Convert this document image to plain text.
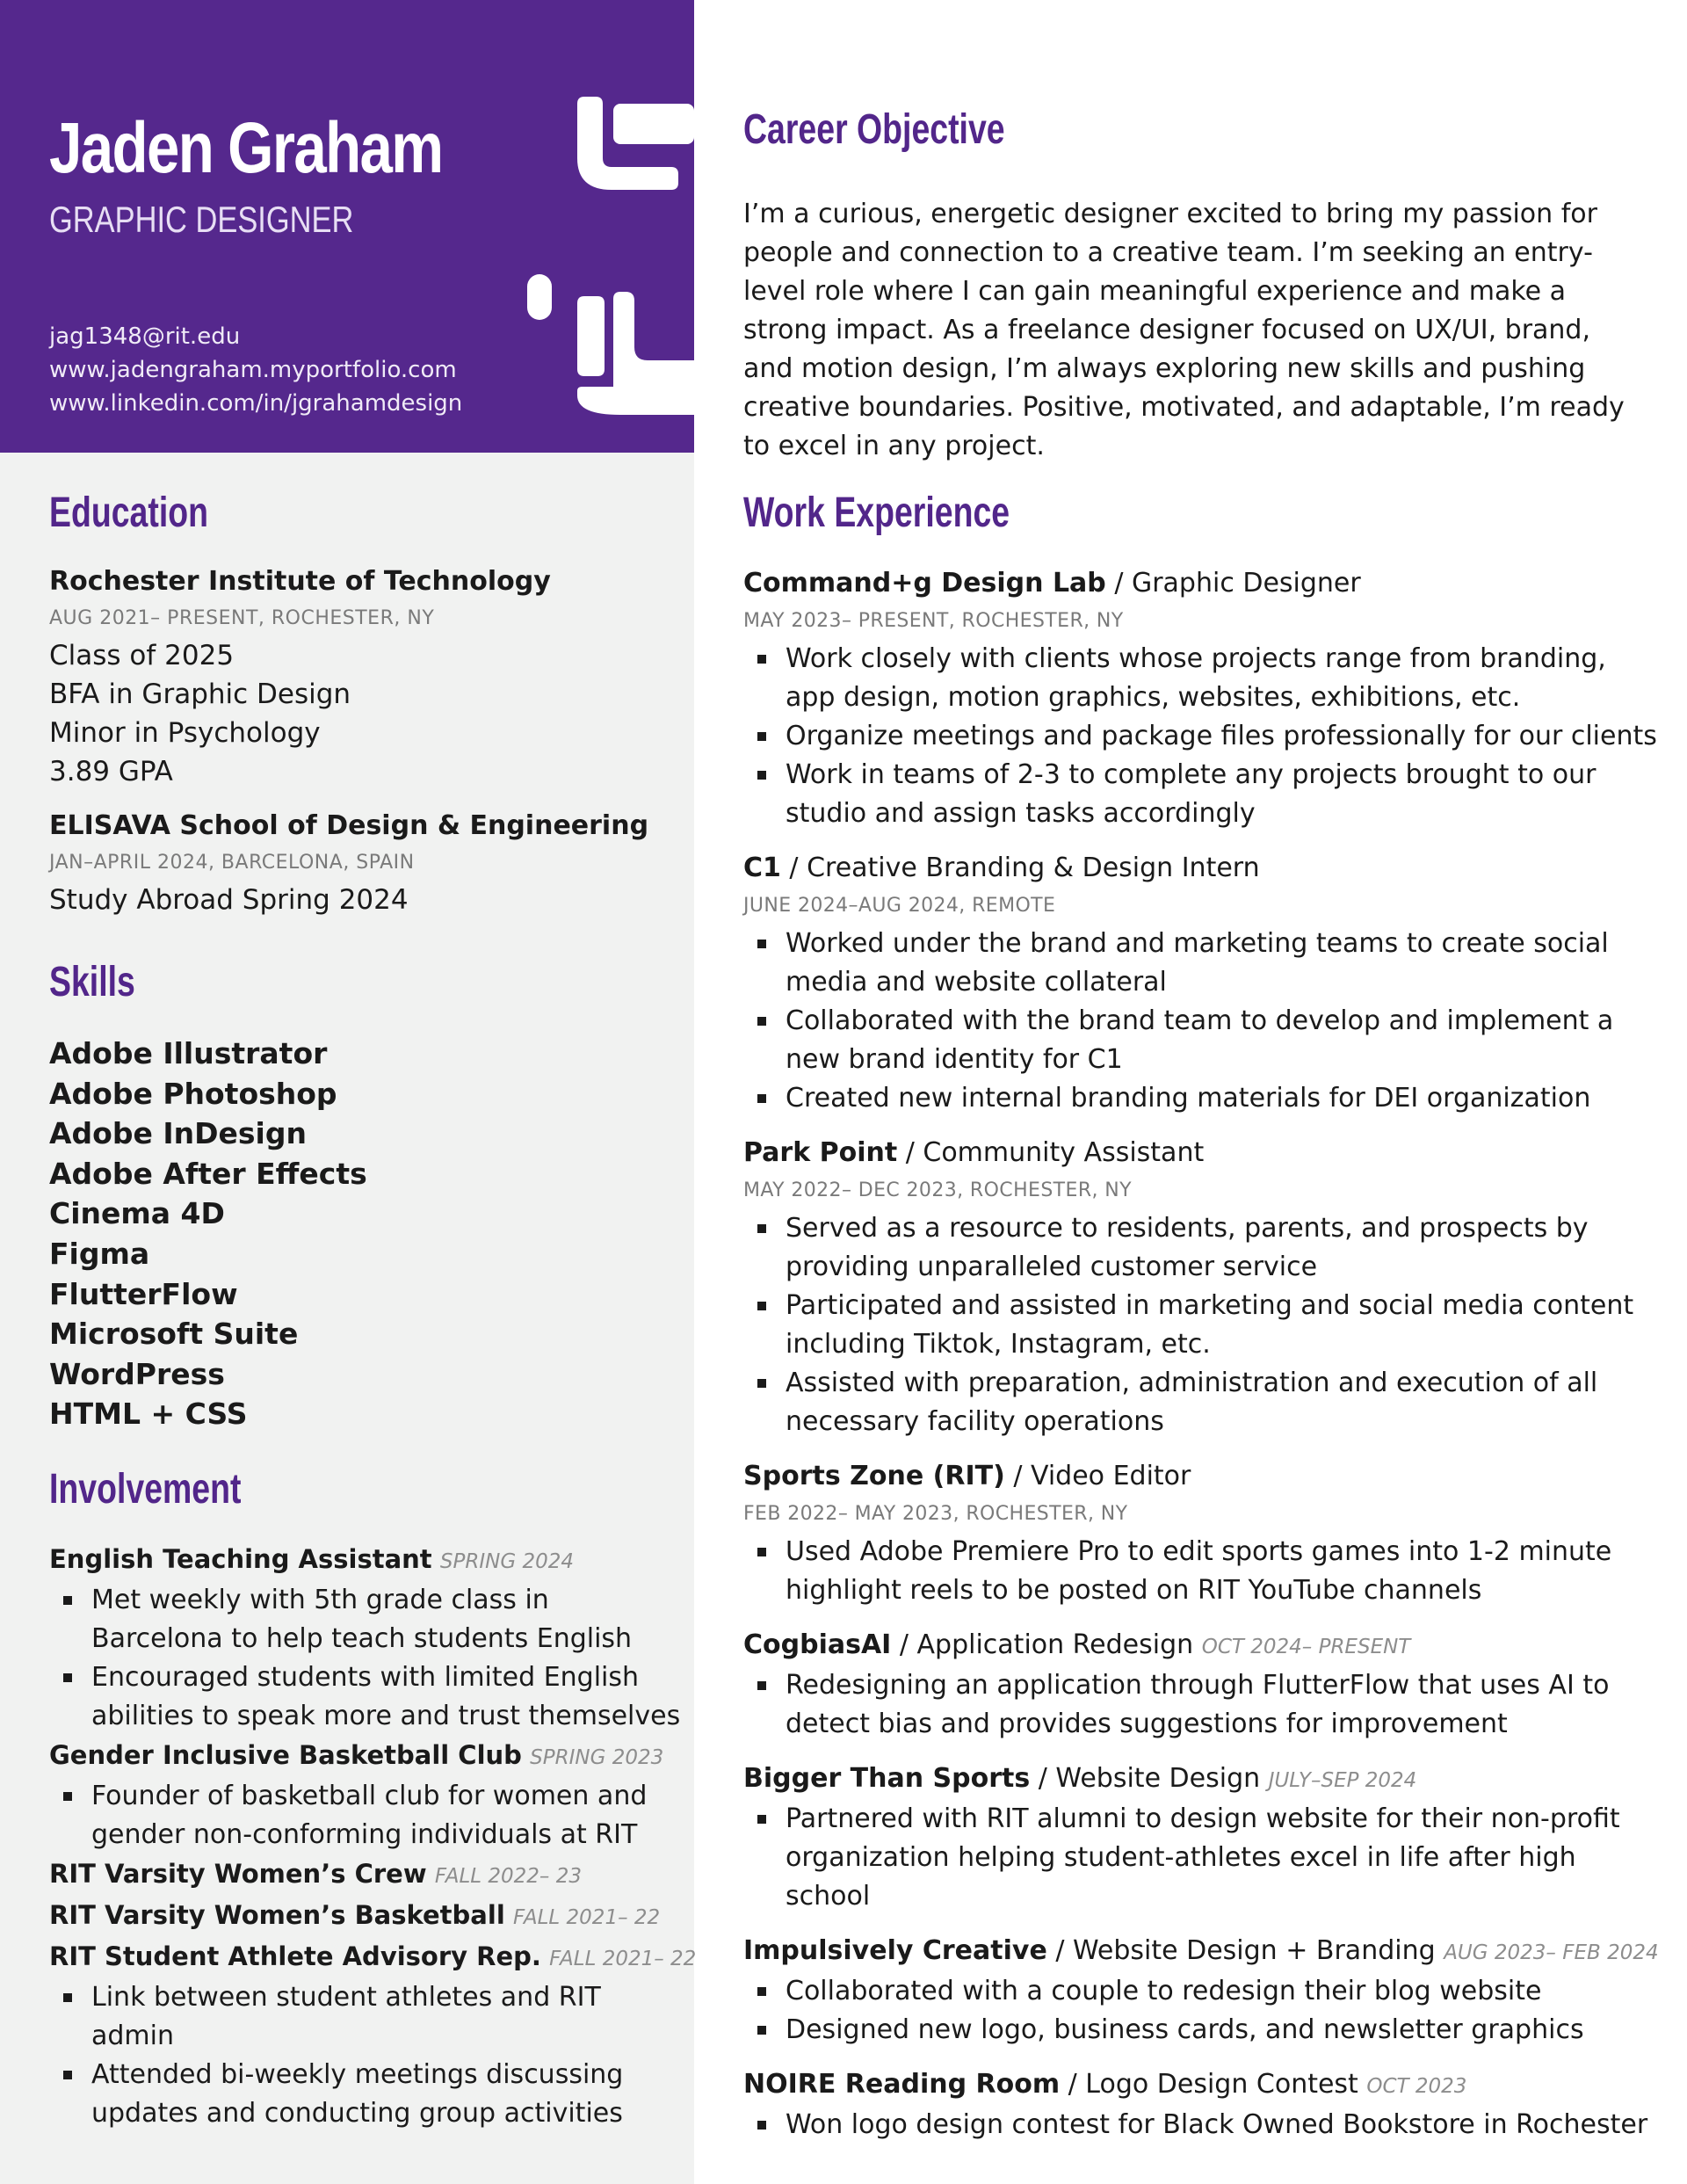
Jaden Graham
GRAPHIC DESIGNER
jag1348@rit.edu
www.jadengraham.myportfolio.com
www.linkedin.com/in/jgrahamdesign
Education
Rochester Institute of Technology
AUG 2021– PRESENT, ROCHESTER, NY
Class of 2025
BFA in Graphic Design
Minor in Psychology
3.89 GPA
ELISAVA School of Design & Engineering
JAN–APRIL 2024, BARCELONA, SPAIN
Study Abroad Spring 2024
Skills
Adobe Illustrator
Adobe Photoshop
Adobe InDesign
Adobe After Effects
Cinema 4D
Figma
FlutterFlow
Microsoft Suite
WordPress
HTML + CSS
Involvement
English Teaching Assistant SPRING 2024
Met weekly with 5th grade class in Barcelona to help teach students English
Encouraged students with limited English abilities to speak more and trust themselves
Gender Inclusive Basketball Club SPRING 2023
Founder of basketball club for women and gender non-conforming individuals at RIT
RIT Varsity Women’s Crew FALL 2022– 23
RIT Varsity Women’s Basketball FALL 2021– 22
RIT Student Athlete Advisory Rep. FALL 2021– 22
Link between student athletes and RIT admin
Attended bi-weekly meetings discussing updates and conducting group activities
Career Objective
I’m a curious, energetic designer excited to bring my passion for people and connection to a creative team. I’m seeking an entry-level role where I can gain meaningful experience and make a strong impact. As a freelance designer focused on UX/UI, brand, and motion design, I’m always exploring new skills and pushing creative boundaries. Positive, motivated, and adaptable, I’m ready to excel in any project.
Work Experience
Command+g Design Lab / Graphic Designer
MAY 2023– PRESENT, ROCHESTER, NY
Work closely with clients whose projects range from branding, app design, motion graphics, websites, exhibitions, etc.
Organize meetings and package files professionally for our clients
Work in teams of 2-3 to complete any projects brought to our studio and assign tasks accordingly
C1 / Creative Branding & Design Intern
JUNE 2024–AUG 2024, REMOTE
Worked under the brand and marketing teams to create social media and website collateral
Collaborated with the brand team to develop and implement a new brand identity for C1
Created new internal branding materials for DEI organization
Park Point / Community Assistant
MAY 2022– DEC 2023, ROCHESTER, NY
Served as a resource to residents, parents, and prospects by providing unparalleled customer service
Participated and assisted in marketing and social media content including Tiktok, Instagram, etc.
Assisted with preparation, administration and execution of all necessary facility operations
Sports Zone (RIT) / Video Editor
FEB 2022– MAY 2023, ROCHESTER, NY
Used Adobe Premiere Pro to edit sports games into 1-2 minute highlight reels to be posted on RIT YouTube channels
CogbiasAI / Application Redesign OCT 2024– PRESENT
Redesigning an application through FlutterFlow that uses AI to detect bias and provides suggestions for improvement
Bigger Than Sports / Website Design JULY–SEP 2024
Partnered with RIT alumni to design website for their non-profit organization helping student-athletes excel in life after high school
Impulsively Creative / Website Design + Branding AUG 2023– FEB 2024
Collaborated with a couple to redesign their blog website
Designed new logo, business cards, and newsletter graphics
NOIRE Reading Room / Logo Design Contest OCT 2023
Won logo design contest for Black Owned Bookstore in Rochester
